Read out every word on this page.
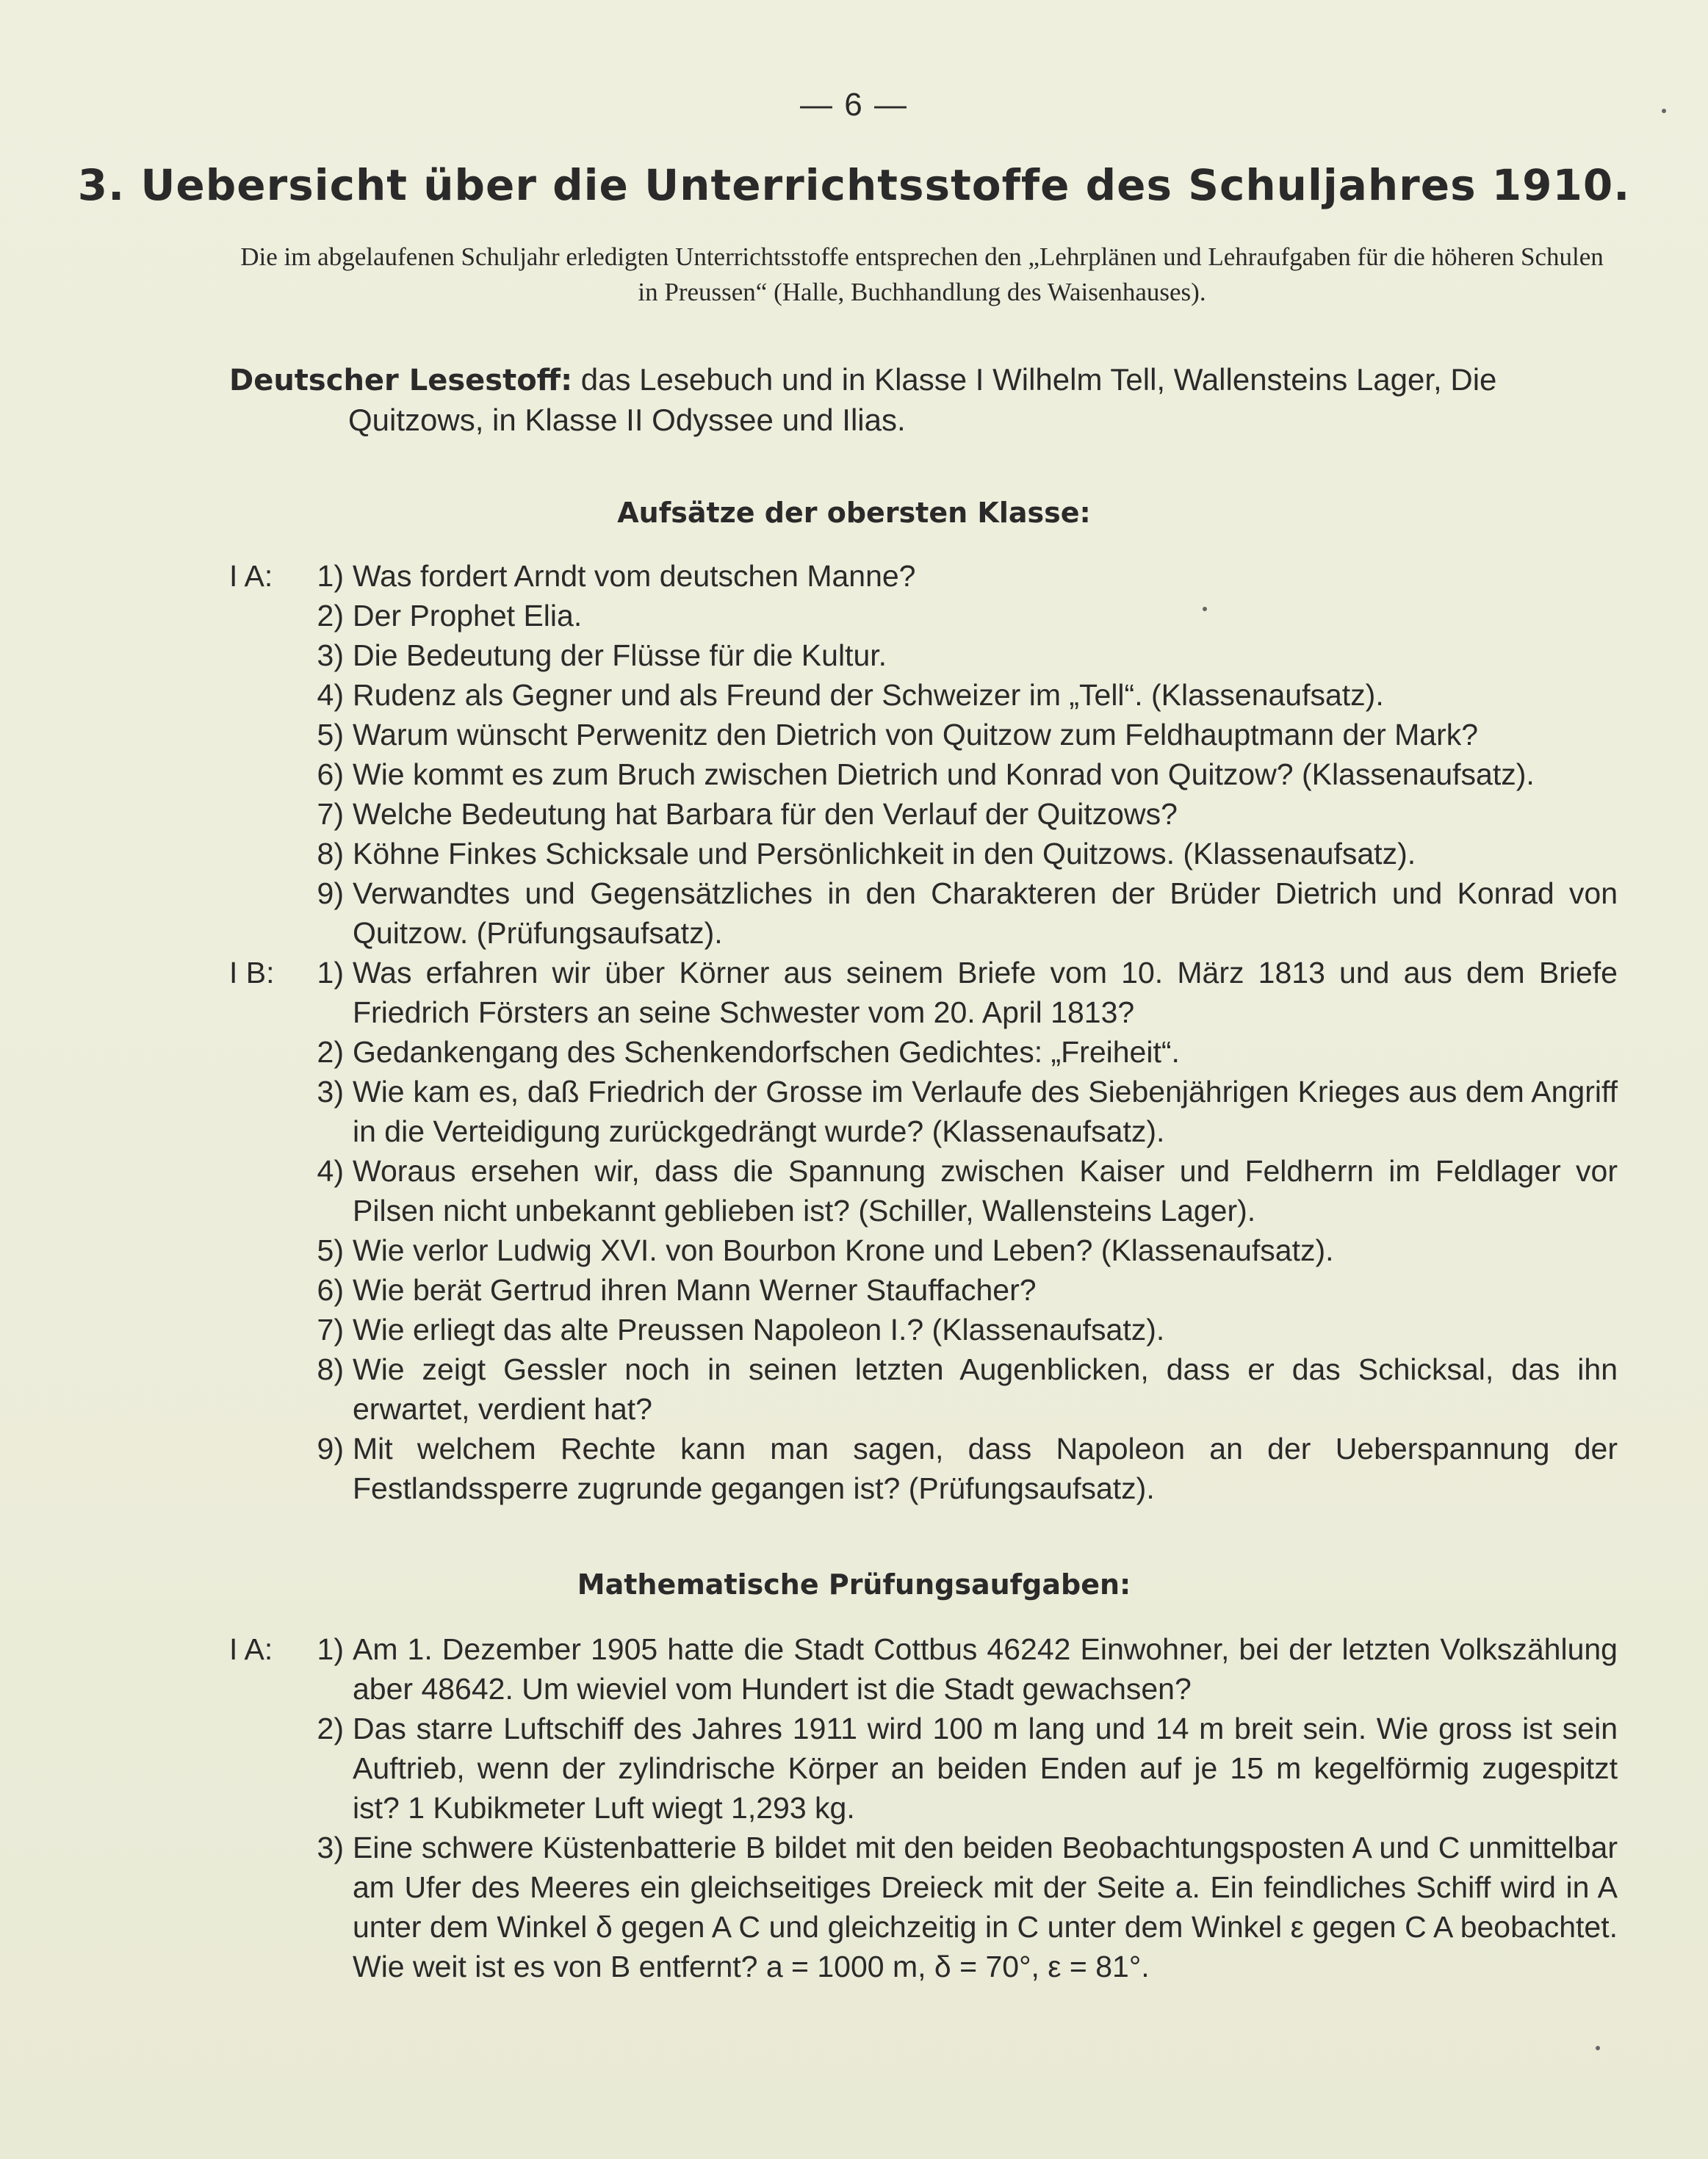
— 6 —
3. Uebersicht über die Unterrichtsstoffe des Schuljahres 1910.
Die im abgelaufenen Schuljahr erledigten Unterrichtsstoffe entsprechen den „Lehrplänen und Lehraufgaben für die höheren Schulen in Preussen“ (Halle, Buchhandlung des Waisenhauses).
Deutscher Lesestoff: das Lesebuch und in Klasse I Wilhelm Tell, Wallensteins Lager, Die
Quitzows, in Klasse II Odyssee und Ilias.
Aufsätze der obersten Klasse:
I A:	1) Was fordert Arndt vom deutschen Manne?
2) Der Prophet Elia.
3) Die Bedeutung der Flüsse für die Kultur.
4) Rudenz als Gegner und als Freund der Schweizer im „Tell“. (Klassenaufsatz).
5) Warum wünscht Perwenitz den Dietrich von Quitzow zum Feldhauptmann der Mark?
6) Wie kommt es zum Bruch zwischen Dietrich und Konrad von Quitzow? (Klassenaufsatz).
7) Welche Bedeutung hat Barbara für den Verlauf der Quitzows?
8) Köhne Finkes Schicksale und Persönlichkeit in den Quitzows. (Klassenaufsatz).
9) Verwandtes und Gegensätzliches in den Charakteren der Brüder Dietrich und Konrad von Quitzow. (Prüfungsaufsatz).
I B:	1) Was erfahren wir über Körner aus seinem Briefe vom 10. März 1813 und aus dem Briefe Friedrich Försters an seine Schwester vom 20. April 1813?
2) Gedankengang des Schenkendorfschen Gedichtes: „Freiheit“.
3) Wie kam es, daß Friedrich der Grosse im Verlaufe des Siebenjährigen Krieges aus dem Angriff in die Verteidigung zurückgedrängt wurde? (Klassenaufsatz).
4) Woraus ersehen wir, dass die Spannung zwischen Kaiser und Feldherrn im Feldlager vor Pilsen nicht unbekannt geblieben ist? (Schiller, Wallensteins Lager).
5) Wie verlor Ludwig XVI. von Bourbon Krone und Leben? (Klassenaufsatz).
6) Wie berät Gertrud ihren Mann Werner Stauffacher?
7) Wie erliegt das alte Preussen Napoleon I.? (Klassenaufsatz).
8) Wie zeigt Gessler noch in seinen letzten Augenblicken, dass er das Schicksal, das ihn erwartet, verdient hat?
9) Mit welchem Rechte kann man sagen, dass Napoleon an der Ueberspannung der Festlandssperre zugrunde gegangen ist? (Prüfungsaufsatz).
Mathematische Prüfungsaufgaben:
I A:	1) Am 1. Dezember 1905 hatte die Stadt Cottbus 46242 Einwohner, bei der letzten Volkszählung aber 48642. Um wieviel vom Hundert ist die Stadt gewachsen?
2) Das starre Luftschiff des Jahres 1911 wird 100 m lang und 14 m breit sein. Wie gross ist sein Auftrieb, wenn der zylindrische Körper an beiden Enden auf je 15 m kegelförmig zugespitzt ist? 1 Kubikmeter Luft wiegt 1,293 kg.
3) Eine schwere Küstenbatterie B bildet mit den beiden Beobachtungsposten A und C unmittelbar am Ufer des Meeres ein gleichseitiges Dreieck mit der Seite a. Ein feindliches Schiff wird in A unter dem Winkel δ gegen A C und gleichzeitig in C unter dem Winkel ε gegen C A beobachtet. Wie weit ist es von B entfernt? a = 1000 m, δ = 70°, ε = 81°.
